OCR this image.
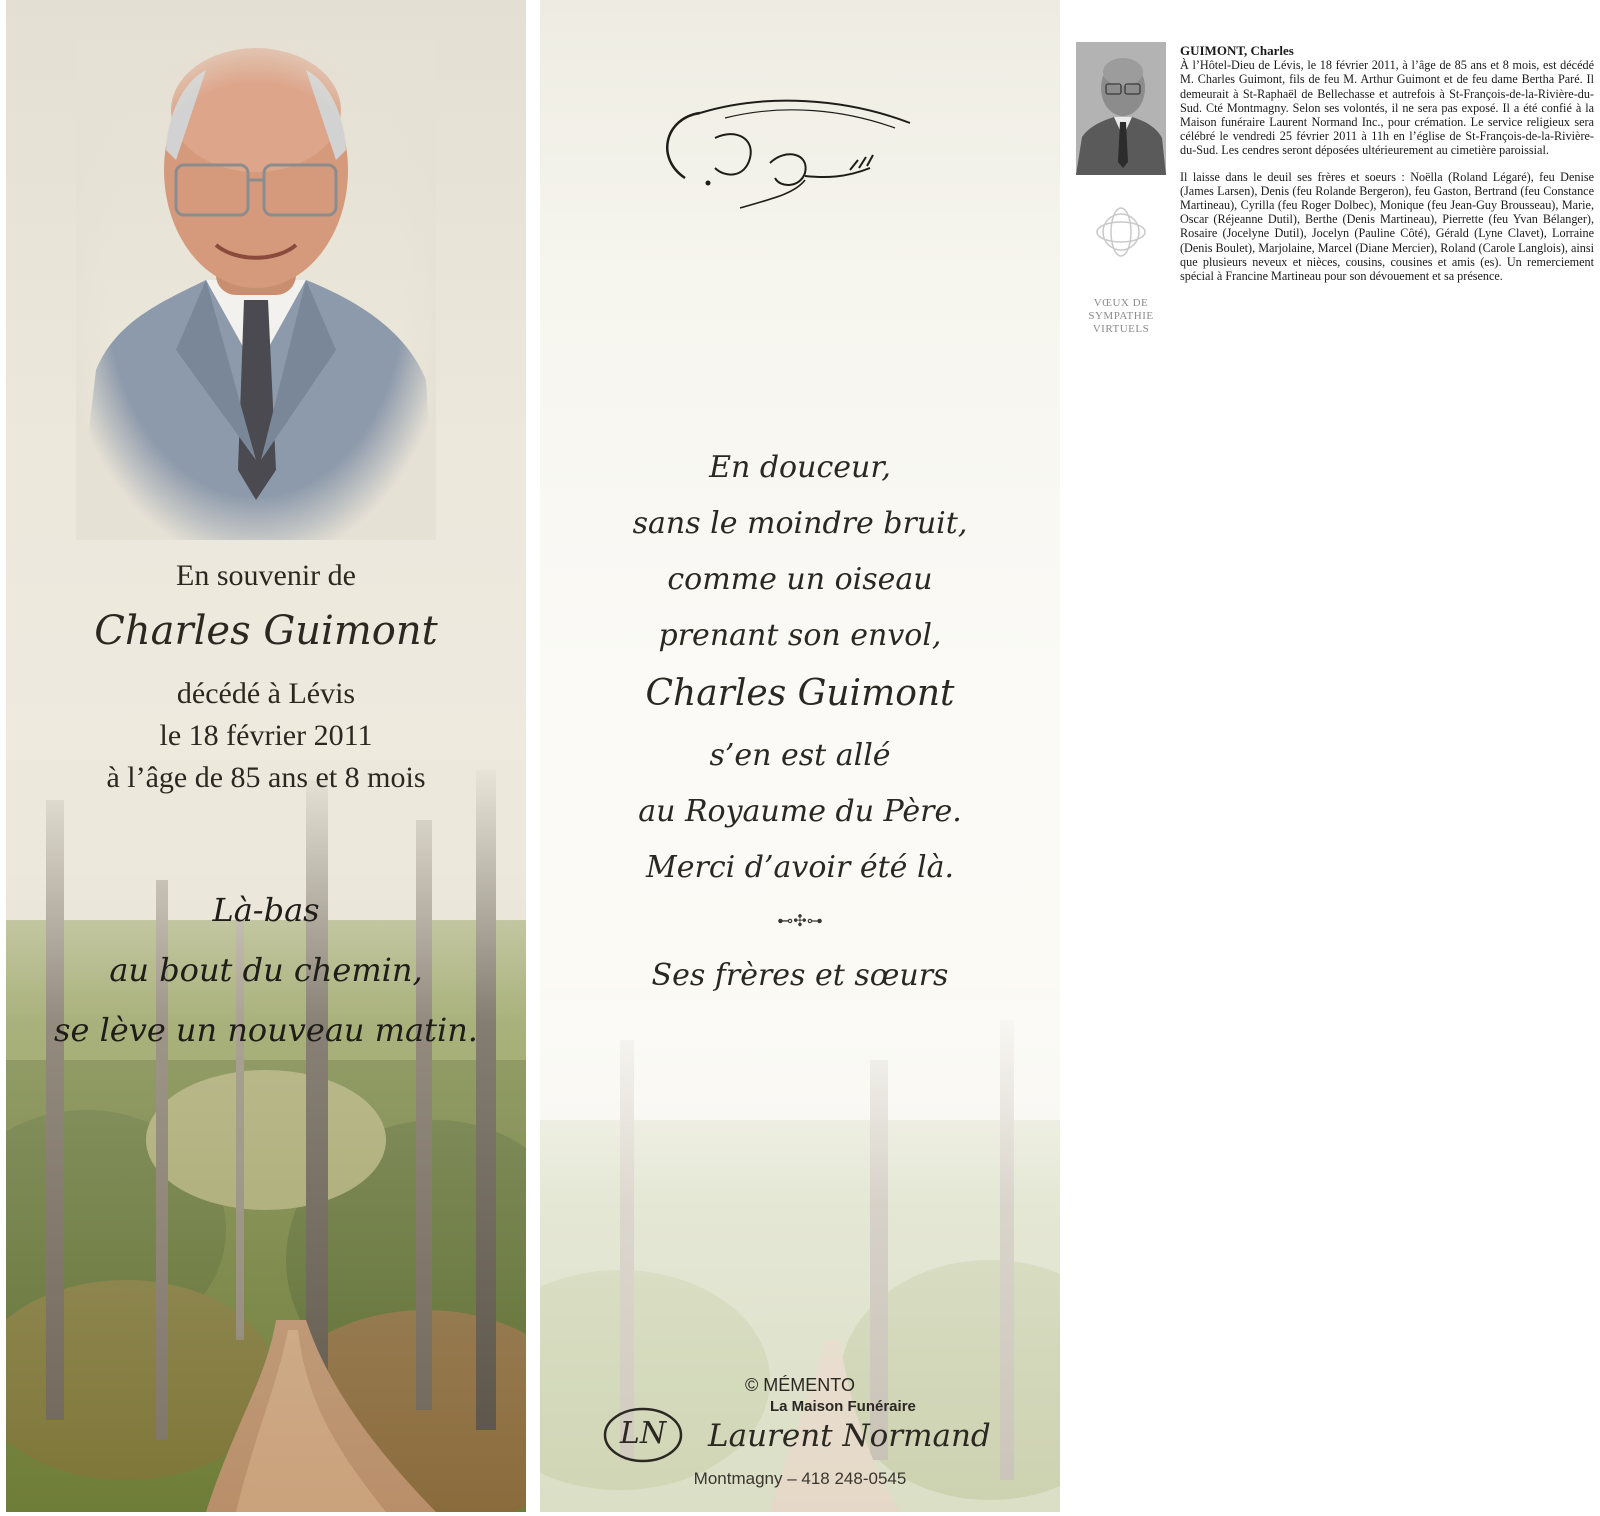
En souvenir de
Charles Guimont
décédé à Lévis
le 18 février 2011
à l’âge de 85 ans et 8 mois
Là-bas
au bout du chemin,
se lève un nouveau matin.
En douceur,
sans le moindre bruit,
comme un oiseau
prenant son envol,
Charles Guimont
s’en est allé
au Royaume du Père.
Merci d’avoir été là.
⊷✣⊶
Ses frères et sœurs
© MÉMENTO
La Maison Funéraire
LN	Laurent Normand
Montmagny – 418 248-0545
VŒUX DE SYMPATHIE VIRTUELS

GUIMONT, Charles

À l’Hôtel-Dieu de Lévis, le 18 février 2011, à l’âge de 85 ans et 8 mois, est décédé M. Charles Guimont, fils de feu M. Arthur Guimont et de feu dame Bertha Paré. Il demeurait à St-Raphaël de Bellechasse et autrefois à St-François-de-la-Rivière-du-Sud. Cté Montmagny. Selon ses volontés, il ne sera pas exposé. Il a été confié à la Maison funéraire Laurent Normand Inc., pour crémation. Le service religieux sera célébré le vendredi 25 février 2011 à 11h en l’église de St-François-de-la-Rivière-du-Sud. Les cendres seront déposées ultérieurement au cimetière paroissial.

Il laisse dans le deuil ses frères et soeurs : Noëlla (Roland Légaré), feu Denise (James Larsen), Denis (feu Rolande Bergeron), feu Gaston, Bertrand (feu Constance Martineau), Cyrilla (feu Roger Dolbec), Monique (feu Jean-Guy Brousseau), Marie, Oscar (Réjeanne Dutil), Berthe (Denis Martineau), Pierrette (feu Yvan Bélanger), Rosaire (Jocelyne Dutil), Jocelyn (Pauline Côté), Gérald (Lyne Clavet), Lorraine (Denis Boulet), Marjolaine, Marcel (Diane Mercier), Roland (Carole Langlois), ainsi que plusieurs neveux et nièces, cousins, cousines et amis (es). Un remerciement spécial à Francine Martineau pour son dévouement et sa présence.
